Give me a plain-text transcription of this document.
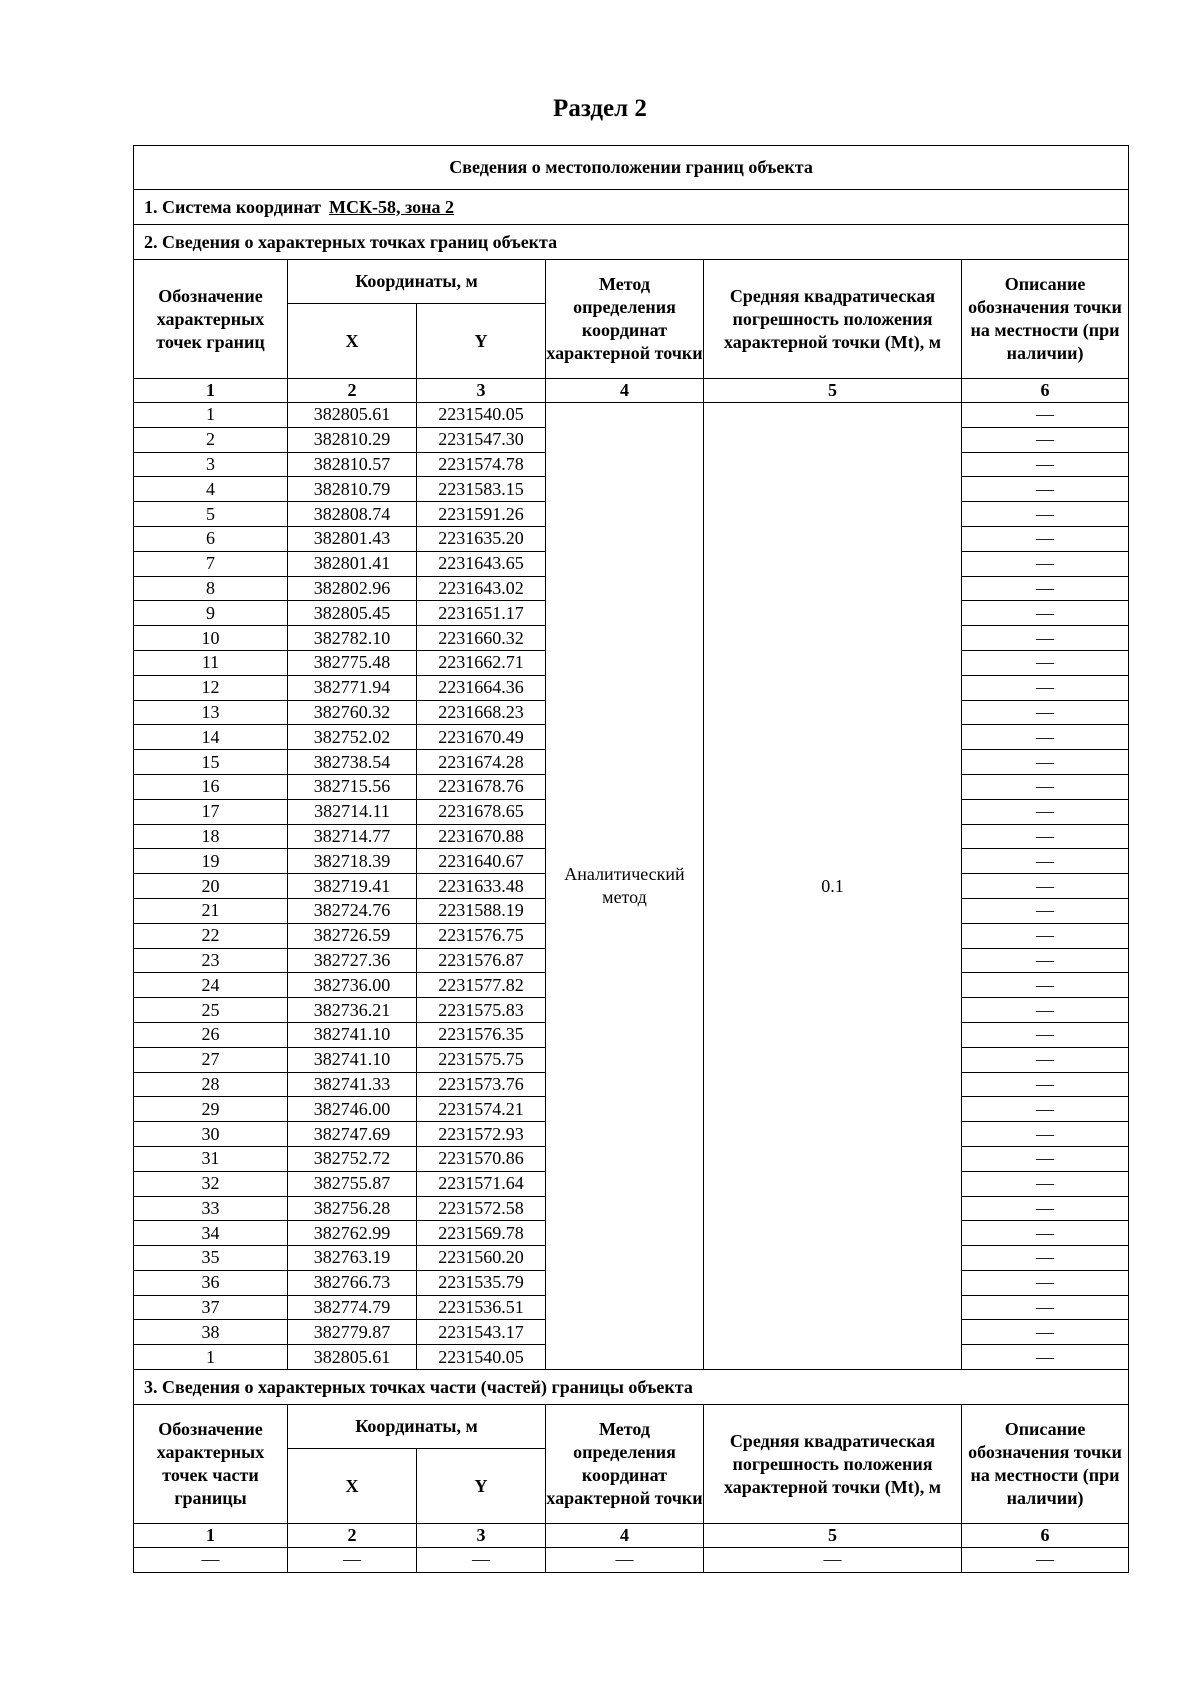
Раздел 2
Сведения о местоположении границ объекта					
1. Система координат МСК-58, зона 2					
2. Сведения о характерных точках границ объекта					
Обозначение характерных точек границ	Координаты, м		Метод определения координат характерной точки	Средняя квадратическая погрешность положения характерной точки (Mt), м	Описание обозначения точки на местности (при наличии)
	X	Y			
1	2	3	4	5	6
1	382805.61	2231540.05	Аналитический метод	0.1	—
2	382810.29	2231547.30			—
3	382810.57	2231574.78			—
4	382810.79	2231583.15			—
5	382808.74	2231591.26			—
6	382801.43	2231635.20			—
7	382801.41	2231643.65			—
8	382802.96	2231643.02			—
9	382805.45	2231651.17			—
10	382782.10	2231660.32			—
11	382775.48	2231662.71			—
12	382771.94	2231664.36			—
13	382760.32	2231668.23			—
14	382752.02	2231670.49			—
15	382738.54	2231674.28			—
16	382715.56	2231678.76			—
17	382714.11	2231678.65			—
18	382714.77	2231670.88			—
19	382718.39	2231640.67			—
20	382719.41	2231633.48			—
21	382724.76	2231588.19			—
22	382726.59	2231576.75			—
23	382727.36	2231576.87			—
24	382736.00	2231577.82			—
25	382736.21	2231575.83			—
26	382741.10	2231576.35			—
27	382741.10	2231575.75			—
28	382741.33	2231573.76			—
29	382746.00	2231574.21			—
30	382747.69	2231572.93			—
31	382752.72	2231570.86			—
32	382755.87	2231571.64			—
33	382756.28	2231572.58			—
34	382762.99	2231569.78			—
35	382763.19	2231560.20			—
36	382766.73	2231535.79			—
37	382774.79	2231536.51			—
38	382779.87	2231543.17			—
1	382805.61	2231540.05			—
3. Сведения о характерных точках части (частей) границы объекта					
Обозначение характерных точек части границы	Координаты, м		Метод определения координат характерной точки	Средняя квадратическая погрешность положения характерной точки (Mt), м	Описание обозначения точки на местности (при наличии)
	X	Y			
1	2	3	4	5	6
—	—	—	—	—	—
